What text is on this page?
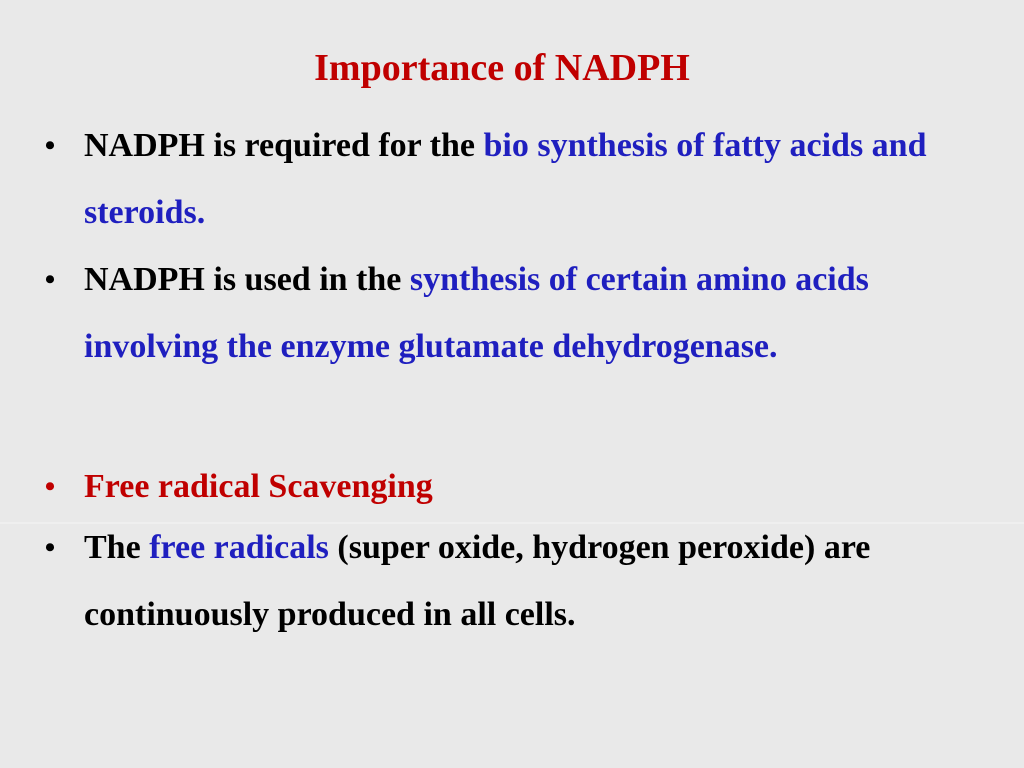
Importance of NADPH
• NADPH is required for the bio synthesis of fatty acids and steroids.
• NADPH is used in the synthesis of certain amino acids involving the enzyme glutamate dehydrogenase.
• Free radical Scavenging
• The free radicals (super oxide, hydrogen peroxide) are continuously produced in all cells.
